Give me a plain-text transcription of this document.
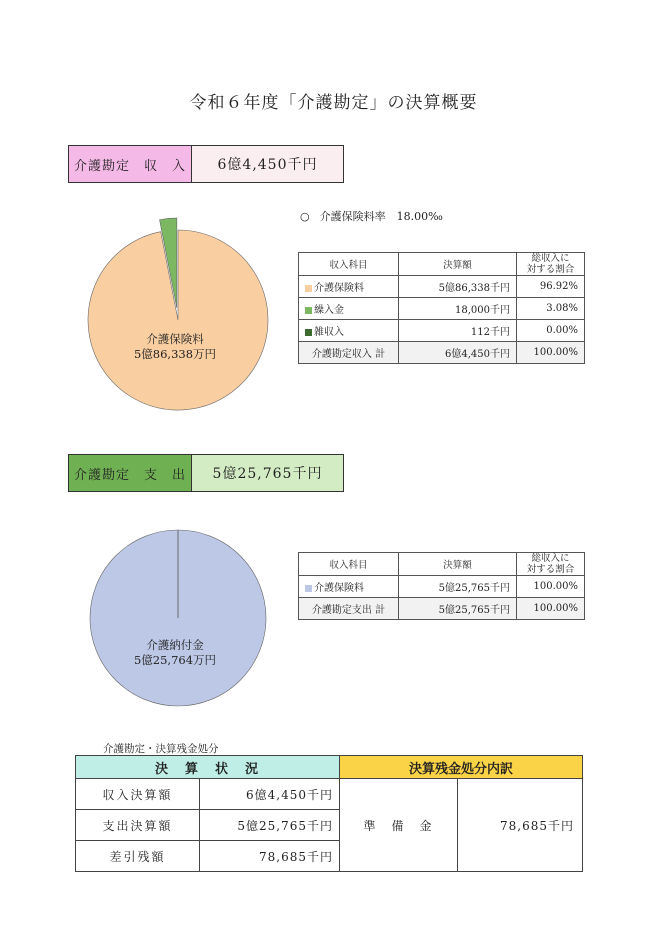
令和６年度「介護勘定」の決算概要
介護勘定　収　入	6億4,450千円
介護保険料
5億86,338万円
○ 介護保険料率　18.00‰
収入科目	決算額	総収入に
対する割合

介護保険料	5億86,338千円	96.92%
繰入金	18,000千円	3.08%
雑収入	112千円	0.00%
介護勘定収入 計	6億4,450千円	100.00%
介護勘定　支　出	5億25,765千円
介護納付金
5億25,764万円
収入科目	決算額	総収入に
対する割合

介護保険料	5億25,765千円	100.00%
介護勘定支出 計	5億25,765千円	100.00%
介護勘定・決算残金処分
決　算　状　況		決算残金処分内訳	
収入決算額	6億4,450千円	準　備　金	78,685千円
支出決算額	5億25,765千円		
差引残額	78,685千円		
